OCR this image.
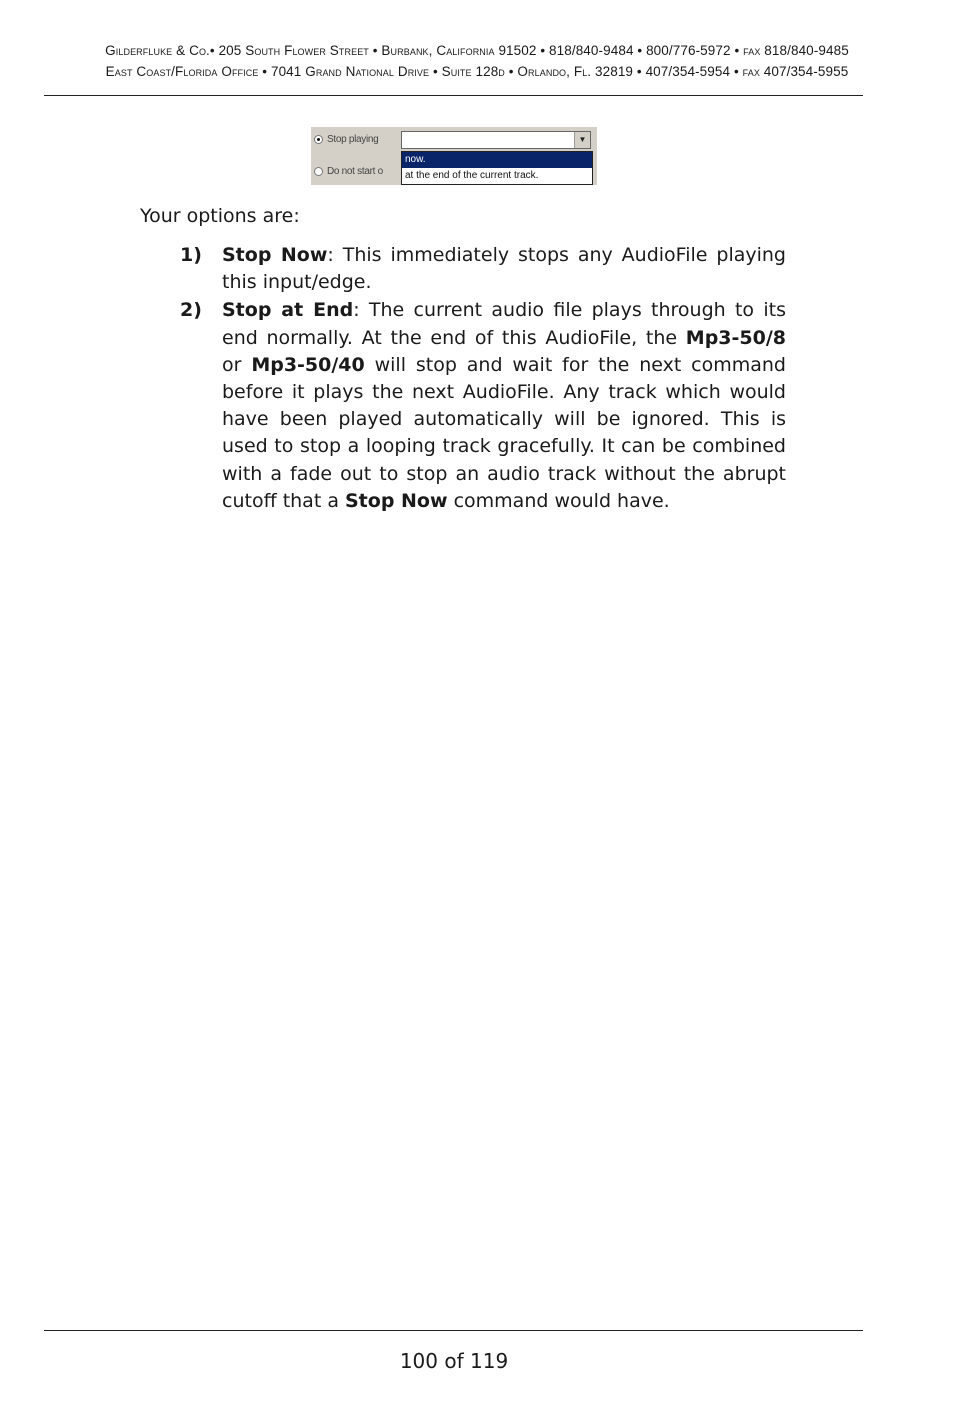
Gilderfluke & Co.• 205 South Flower Street • Burbank, California 91502 • 818/840-9484 • 800/776-5972 • fax 818/840-9485
East Coast/Florida Office • 7041 Grand National Drive • Suite 128d • Orlando, Fl. 32819 • 407/354-5954 • fax 407/354-5955
Stop playing
Do not start o
▼
now.
at the end of the current track.
Your options are:
1) Stop Now: This immediately stops any AudioFile playing this input/edge.
2) Stop at End: The current audio file plays through to its end normally. At the end of this AudioFile, the Mp3-50/8 or Mp3-50/40 will stop and wait for the next command before it plays the next AudioFile. Any track which would have been played automatically will be ignored. This is used to stop a looping track gracefully. It can be combined with a fade out to stop an audio track without the abrupt cutoff that a Stop Now command would have.
100 of 119
